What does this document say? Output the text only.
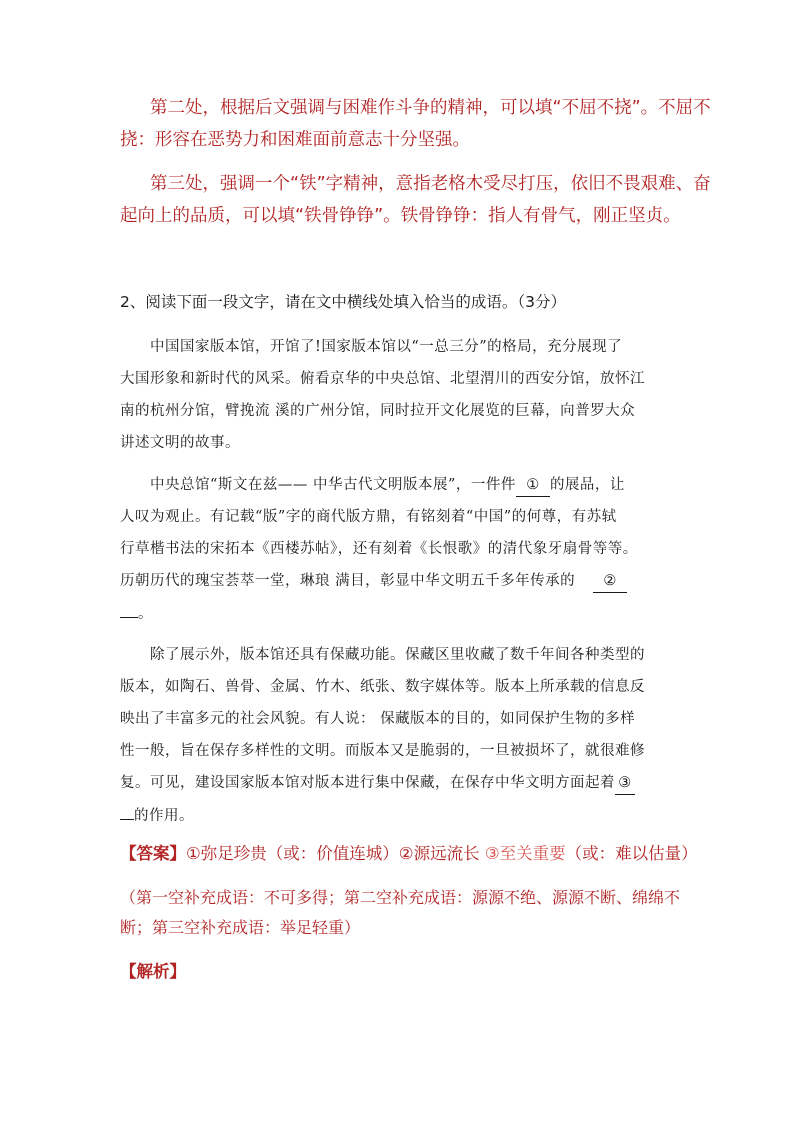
第二处，根据后文强调与困难作斗争的精神，可以填“不屈不挠”。不屈不

挠：形容在恶势力和困难面前意志十分坚强。

第三处，强调一个“铁”字精神，意指老格木受尽打压，依旧不畏艰难、奋

起向上的品质，可以填“铁骨铮铮”。铁骨铮铮：指人有骨气，刚正坚贞。

2、阅读下面一段文字，请在文中横线处填入恰当的成语。（3分）

中国国家版本馆，开馆了!国家版本馆以“一总三分”的格局，充分展现了

大国形象和新时代的风采。俯看京华的中央总馆、北望渭川的西安分馆，放怀江

南的杭州分馆，臂挽流 溪的广州分馆，同时拉开文化展览的巨幕，向普罗大众

讲述文明的故事。

中央总馆“斯文在兹—— 中华古代文明版本展”，一件件 ① 的展品，让

人叹为观止。有记载“版”字的商代版方鼎，有铭刻着“中国”的何尊，有苏轼

行草楷书法的宋拓本《西楼苏帖》，还有刻着《长恨歌》的清代象牙扇骨等等。

历朝历代的瑰宝荟萃一堂，琳琅 满目，彰显中华文明五千多年传承的 ②

。

除了展示外，版本馆还具有保藏功能。保藏区里收藏了数千年间各种类型的

版本，如陶石、兽骨、金属、竹木、纸张、数字媒体等。版本上所承载的信息反

映出了丰富多元的社会风貌。有人说： 保藏版本的目的，如同保护生物的多样

性一般，旨在保存多样性的文明。而版本又是脆弱的，一旦被损坏了，就很难修

复。可见，建设国家版本馆对版本进行集中保藏，在保存中华文明方面起着 ③

的作用。

【答案】①弥足珍贵（或：价值连城）②源远流长 ③至关重要（或：难以估量）

（第一空补充成语：不可多得；第二空补充成语：源源不绝、源源不断、绵绵不

断；第三空补充成语：举足轻重）

【解析】
